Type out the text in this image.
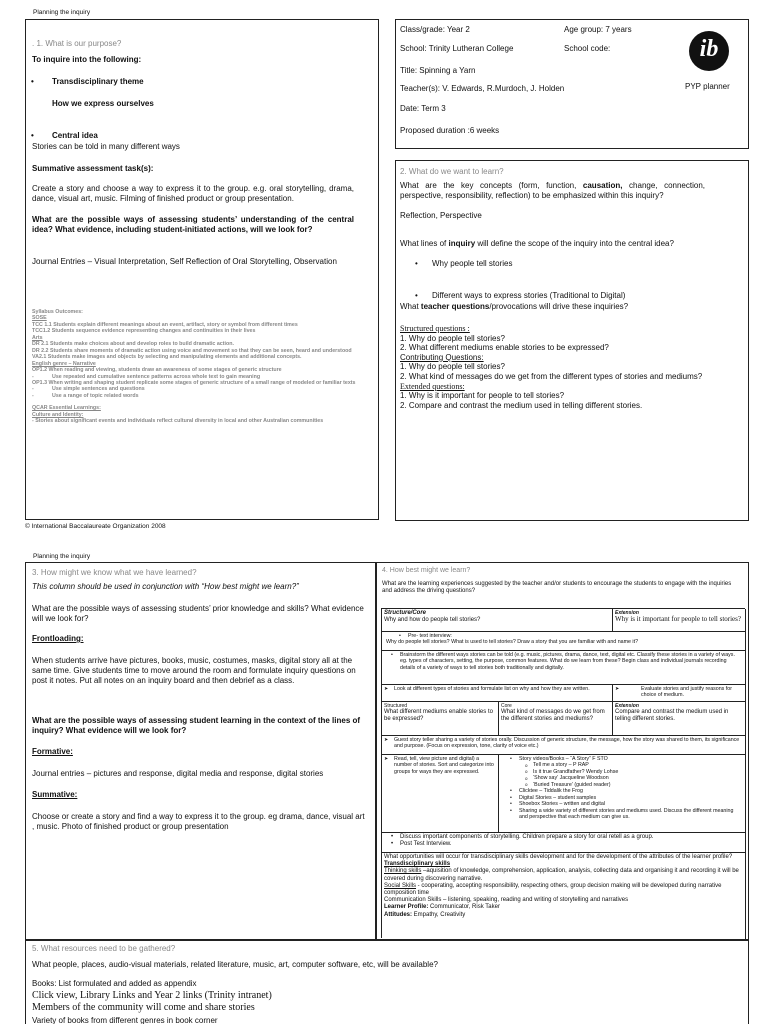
Planning the inquiry
. 1. What is our purpose?
To inquire into the following:
• Transdisciplinary theme
How we express ourselves
• Central idea
Stories can be told in many different ways
Summative assessment task(s):
Create a story and choose a way to express it to the group. e.g. oral storytelling, drama, dance, visual art, music. Filming of finished product or group presentation.
What are the possible ways of assessing students’ understanding of the central idea? What evidence, including student-initiated actions, will we look for?
Journal Entries – Visual Interpretation, Self Reflection of Oral Storytelling, Observation
Syllabus Outcomes:
SOSE
TCC 1.1 Students explain different meanings about an event, artifact, story or symbol from different times
TCC1.2 Students sequence evidence representing changes and continuities in their lives
Arts
DR 2.1 Students make choices about and develop roles to build dramatic action.
DR 2.2 Students share moments of dramatic action using voice and movement so that they can be seen, heard and understood
VA2.1 Students make images and objects by selecting and manipulating elements and additional concepts.
English genre – Narrative
OP1.2 When reading and viewing, students draw an awareness of some stages of generic structure
-	Use repeated and cumulative sentence patterns across whole text to gain meaning
OP1.3 When writing and shaping student replicate some stages of generic structure of a small range of modeled or familiar texts
-	Use simple sentences and questions
-	Use a range of topic related words
QCAR Essential Learnings:
Culture and Identity:
- Stories about significant events and individuals reflect cultural diversity in local and other Australian communities
© International Baccalaureate Organization 2008
Class/grade: Year 2	Age group: 7 years
School: Trinity Lutheran College	School code:
Title: Spinning a Yarn
Teacher(s): V. Edwards, R.Murdoch, J. Holden
Date: Term 3
Proposed duration :6 weeks
ib
PYP planner
2. What do we want to learn?
What are the key concepts (form, function, causation, change, connection, perspective, responsibility, reflection) to be emphasized within this inquiry?
Reflection, Perspective
What lines of inquiry will define the scope of the inquiry into the central idea?
• Why people tell stories
• Different ways to express stories (Traditional to Digital)
What teacher questions/provocations will drive these inquiries?
Structured questions :
1. Why do people tell stories?
2. What different mediums enable stories to be expressed?
Contributing Questions:
1. Why do people tell stories?
2. What kind of messages do we get from the different types of stories and mediums?
Extended questions:
1. Why is it important for people to tell stories?
2. Compare and contrast the medium used in telling different stories.
Planning the inquiry
3. How might we know what we have learned?
This column should be used in conjunction with “How best might we learn?”
What are the possible ways of assessing students’ prior knowledge and skills? What evidence will we look for?
Frontloading:
When students arrive have pictures, books, music, costumes, masks, digital story all at the same time. Give students time to move around the room and formulate inquiry questions on post it notes. Put all notes on an inquiry board and then debrief as a class.
What are the possible ways of assessing student learning in the context of the lines of inquiry? What evidence will we look for?
Formative:
Journal entries – pictures and response, digital media and response, digital stories
Summative:
Choose or create a story and find a way to express it to the group. eg drama, dance, visual art , music. Photo of finished product or group presentation
4. How best might we learn?
What are the learning experiences suggested by the teacher and/or students to encourage the students to engage with the inquiries and address the driving questions?
Structure/Core
Why and how do people tell stories?
Extension
Why is it important for people to tell stories?
• Pre- text interview:
Why do people tell stories? What is used to tell stories? Draw a story that you are familiar with and name it?
• Brainstorm the different ways stories can be told (e.g. music, pictures, drama, dance, text, digital etc. Classify these stories in a variety of ways. eg. types of characters, setting, the purpose, common features. What do we learn from these? Begin class and individual journals recording details of a variety of ways to tell stories both traditionally and digitally.
➤ Look at different types of stories and formulate list on why and how they are written.
➤	Evaluate stories and justify reasons for choice of medium.
Structured
What different mediums enable stories to be expressed?
Core
What kind of messages do we get from the different stories and mediums?
Extension
Compare and contrast the medium used in telling different stories.
➤ Guest story teller sharing a variety of stories orally. Discussion of generic structure, the message, how the story was shared to them, its significance and purpose. (Focus on expression, tone, clarity of voice etc.)
➤ Read, tell, view picture and digital) a number of stories. Sort and categorize into groups for ways they are expressed.
• Story videos/Books – “A Story” F STO
o Tell me a story – P RAP
o Is it true Grandfather? Wendy Lohse
o ‘Show say’ Jacqueline Woodson
o ‘Buried Treasure’ (guided reader)
• Clicktee – Tiddalik the Frog
• Digital Stories – student samples
• Shoebox Stories – written and digital
• Sharing a wide variety of different stories and mediums used. Discuss the different meaning and perspective that each medium can give us.
• Discuss important components of storytelling. Children prepare a story for oral retell as a group.
• Post Test Interview.
What opportunities will occur for transdisciplinary skills development and for the development of the attributes of the learner profile?
Transdisciplinary skills
Thinking skills –aquisition of knowledge, comprehension, application, analysis, collecting data and organising it and recording it will be covered during discovering narrative.
Social Skills - cooperating, accepting responsibility, respecting others, group decision making will be developed during narrative composition time
Communication Skills – listening, speaking, reading and writing of storytelling and narratives
Learner Profile: Communicator, Risk Taker
Attitudes: Empathy, Creativity
5. What resources need to be gathered?
What people, places, audio-visual materials, related literature, music, art, computer software, etc, will be available?
Books: List formulated and added as appendix
Click view, Library Links and Year 2 links (Trinity intranet)
Members of the community will come and share stories
Variety of books from different genres in book corner
